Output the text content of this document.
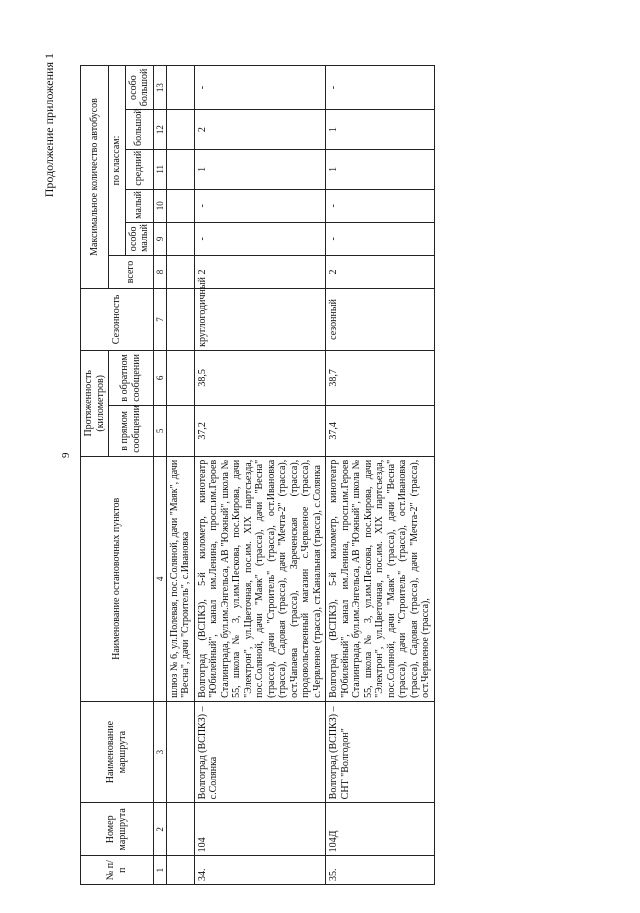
9
Продолжение приложения 1
№ п/п	Номер маршрута	Наименование маршрута	Наименование остановочных пунктов	Протяженность (километров)		Сезонность	Максимальное количество автобусов					
				в прямом сообщении	в обратном сообщении		всего	по классам:				
								особо малый	малый	средний	большой	особо большой
1	2	3	4	5	6	7	8	9	10	11	12	13
			шлюз № 6, ул.Полевая, пос.Соляной, дачи "Маяк", дачи "Весна", дачи "Строитель", с.Ивановка									
34.	104	Волгоград (ВСПКЗ) – с.Солянка	Волгоград (ВСПКЗ), 5-й километр, кинотеатр "Юбилейный", канал им.Ленина, просп.им.Героев Сталинграда, бул.им.Энгельса, АВ "Южный", школа № 55, школа № 3, ул.им.Пескова, пос.Кирова, дачи "Электрон", ул.Цветочная, пос.им. XIX партсъезда, пос.Соляной, дачи "Маяк" (трасса), дачи "Весна" (трасса), дачи "Строитель" (трасса), ост.Ивановка (трасса), Садовая (трасса), дачи "Мечта-2" (трасса), ост.Чапаева (трасса), Зареченская (трасса), продовольственный магазин с.Червленое (трасса), с.Червленое (трасса), ст.Канальная (трасса), с.Солянка	37,2	38,5	круглогодичный	2	-	-	1	2	-
35.	104Д	Волгоград (ВСПКЗ) – СНТ "Волгодон"	Волгоград (ВСПКЗ), 5-й километр, кинотеатр "Юбилейный", канал им.Ленина, просп.им.Героев Сталинграда, бул.им.Энгельса, АВ "Южный", школа № 55, школа № 3, ул.им.Пескова, пос.Кирова, дачи "Электрон", ул.Цветочная, пос.им. XIX партсъезда, пос.Соляной, дачи "Маяк" (трасса), дачи "Весна" (трасса), дачи "Строитель" (трасса), ост.Ивановка (трасса), Садовая (трасса), дачи "Мечта-2" (трасса), ост.Червленое (трасса),	37,4	38,7	сезонный	2	-	-	1	1	-
